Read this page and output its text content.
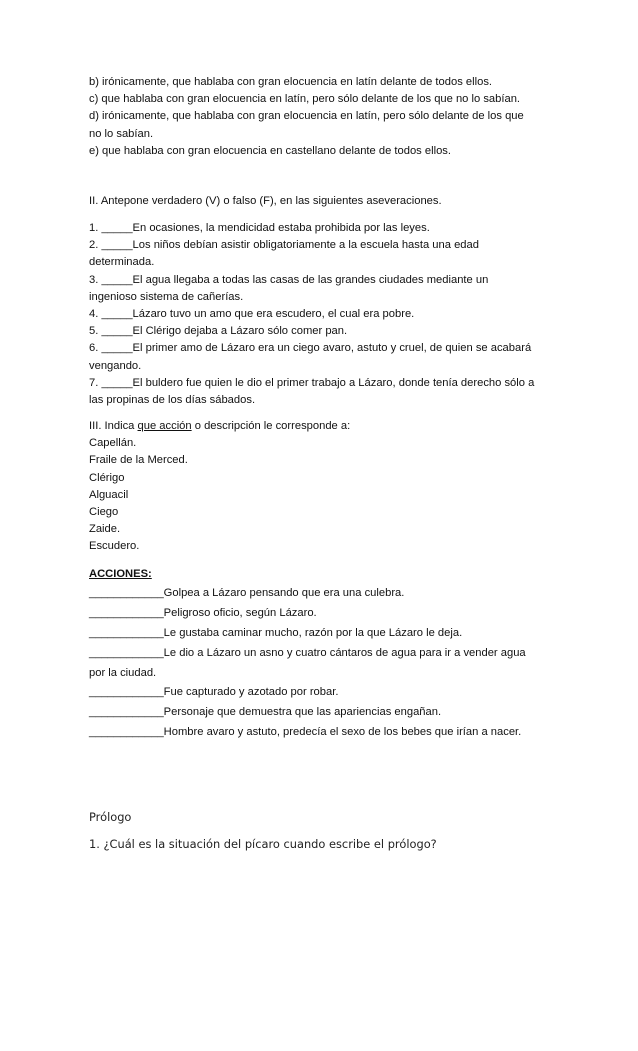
b) irónicamente, que hablaba con gran elocuencia en latín delante de todos ellos.
c) que hablaba con gran elocuencia en latín, pero sólo delante de los que no lo sabían.
d) irónicamente, que hablaba con gran elocuencia en latín, pero sólo delante de los que
no lo sabían.
e) que hablaba con gran elocuencia en castellano delante de todos ellos.
II. Antepone verdadero (V) o falso (F), en las siguientes aseveraciones.
1. _____En ocasiones, la mendicidad estaba prohibida por las leyes.
2. _____Los niños debían asistir obligatoriamente a la escuela hasta una edad
determinada.
3. _____El agua llegaba a todas las casas de las grandes ciudades mediante un
ingenioso sistema de cañerías.
4. _____Lázaro tuvo un amo que era escudero, el cual era pobre.
5. _____El Clérigo dejaba a Lázaro sólo comer pan.
6. _____El primer amo de Lázaro era un ciego avaro, astuto y cruel, de quien se acabará
vengando.
7. _____El buldero fue quien le dio el primer trabajo a Lázaro, donde tenía derecho sólo a
las propinas de los días sábados.
III. Indica que acción o descripción le corresponde a:
Capellán.
Fraile de la Merced.
Clérigo
Alguacil
Ciego
Zaide.
Escudero.
ACCIONES:
____________Golpea a Lázaro pensando que era una culebra.
____________Peligroso oficio, según Lázaro.
____________Le gustaba caminar mucho, razón por la que Lázaro le deja.
____________Le dio a Lázaro un asno y cuatro cántaros de agua para ir a vender agua
por la ciudad.
____________Fue capturado y azotado por robar.
____________Personaje que demuestra que las apariencias engañan.
____________Hombre avaro y astuto, predecía el sexo de los bebes que irían a nacer.
Prólogo
1. ¿Cuál es la situación del pícaro cuando escribe el prólogo?
